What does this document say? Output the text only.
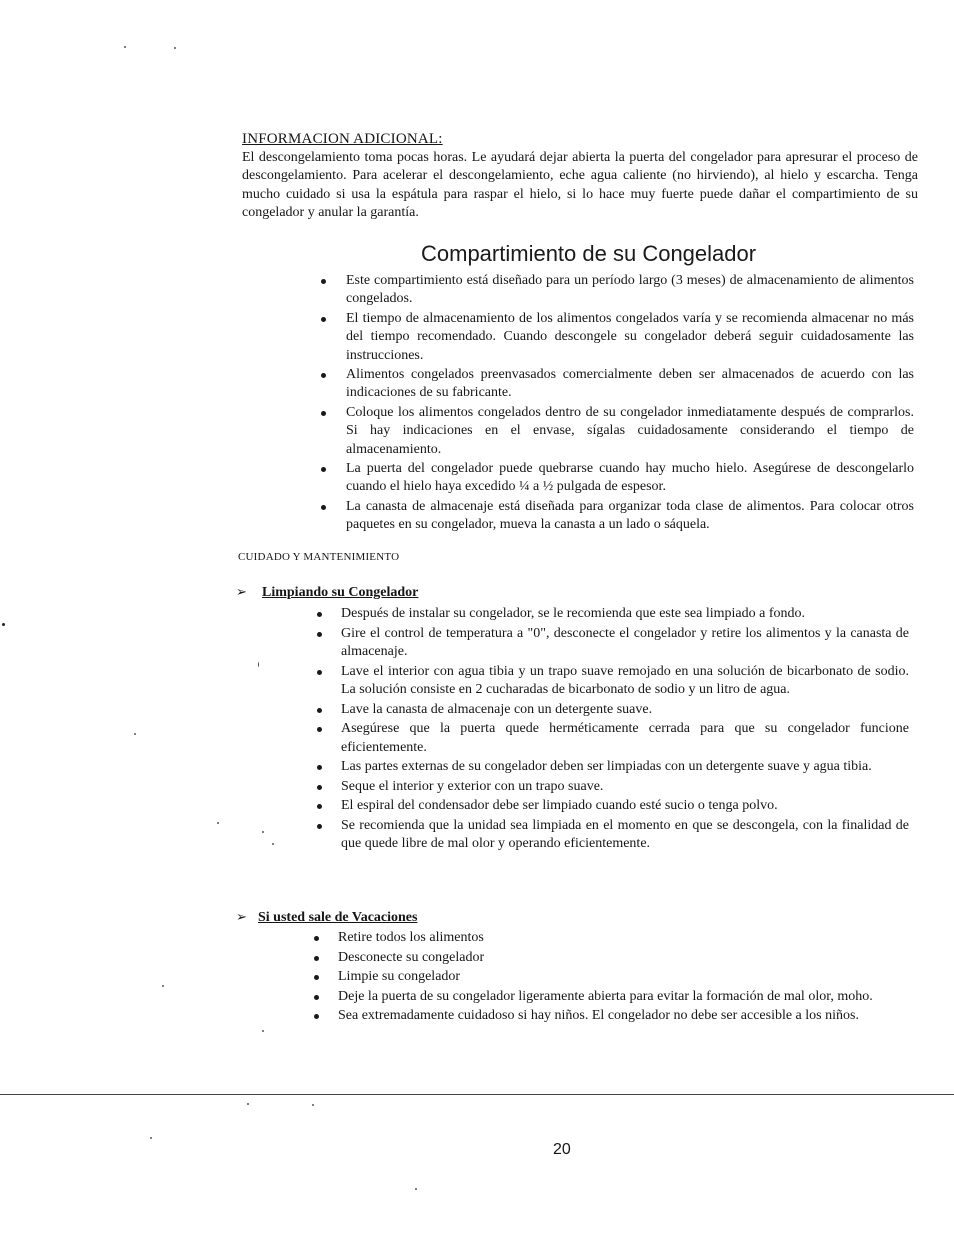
INFORMACION ADICIONAL:

El descongelamiento toma pocas horas. Le ayudará dejar abierta la puerta del congelador para apresurar el proceso de descongelamiento. Para acelerar el descongelamiento, eche agua caliente (no hirviendo), al hielo y escarcha. Tenga mucho cuidado si usa la espátula para raspar el hielo, si lo hace muy fuerte puede dañar el compartimiento de su congelador y anular la garantía.

Compartimiento de su Congelador
Este compartimiento está diseñado para un período largo (3 meses) de almacenamiento de alimentos congelados.
El tiempo de almacenamiento de los alimentos congelados varía y se recomienda almacenar no más del tiempo recomendado. Cuando descongele su congelador deberá seguir cuidadosamente las instrucciones.
Alimentos congelados preenvasados comercialmente deben ser almacenados de acuerdo con las indicaciones de su fabricante.
Coloque los alimentos congelados dentro de su congelador inmediatamente después de comprarlos. Si hay indicaciones en el envase, sígalas cuidadosamente considerando el tiempo de almacenamiento.
La puerta del congelador puede quebrarse cuando hay mucho hielo. Asegúrese de descongelarlo cuando el hielo haya excedido ¼ a ½ pulgada de espesor.
La canasta de almacenaje está diseñada para organizar toda clase de alimentos. Para colocar otros paquetes en su congelador, mueva la canasta a un lado o sáquela.

CUIDADO Y MANTENIMIENTO

➢ Limpiando su Congelador

Después de instalar su congelador, se le recomienda que este sea limpiado a fondo.
Gire el control de temperatura a "0", desconecte el congelador y retire los alimentos y la canasta de almacenaje.
Lave el interior con agua tibia y un trapo suave remojado en una solución de bicarbonato de sodio. La solución consiste en 2 cucharadas de bicarbonato de sodio y un litro de agua.
Lave la canasta de almacenaje con un detergente suave.
Asegúrese que la puerta quede herméticamente cerrada para que su congelador funcione eficientemente.
Las partes externas de su congelador deben ser limpiadas con un detergente suave y agua tibia.
Seque el interior y exterior con un trapo suave.
El espiral del condensador debe ser limpiado cuando esté sucio o tenga polvo.
Se recomienda que la unidad sea limpiada en el momento en que se descongela, con la finalidad de que quede libre de mal olor y operando eficientemente.
➢ Si usted sale de Vacaciones

Retire todos los alimentos
Desconecte su congelador
Limpie su congelador
Deje la puerta de su congelador ligeramente abierta para evitar la formación de mal olor, moho.
Sea extremadamente cuidadoso si hay niños. El congelador no debe ser accesible a los niños.
20
